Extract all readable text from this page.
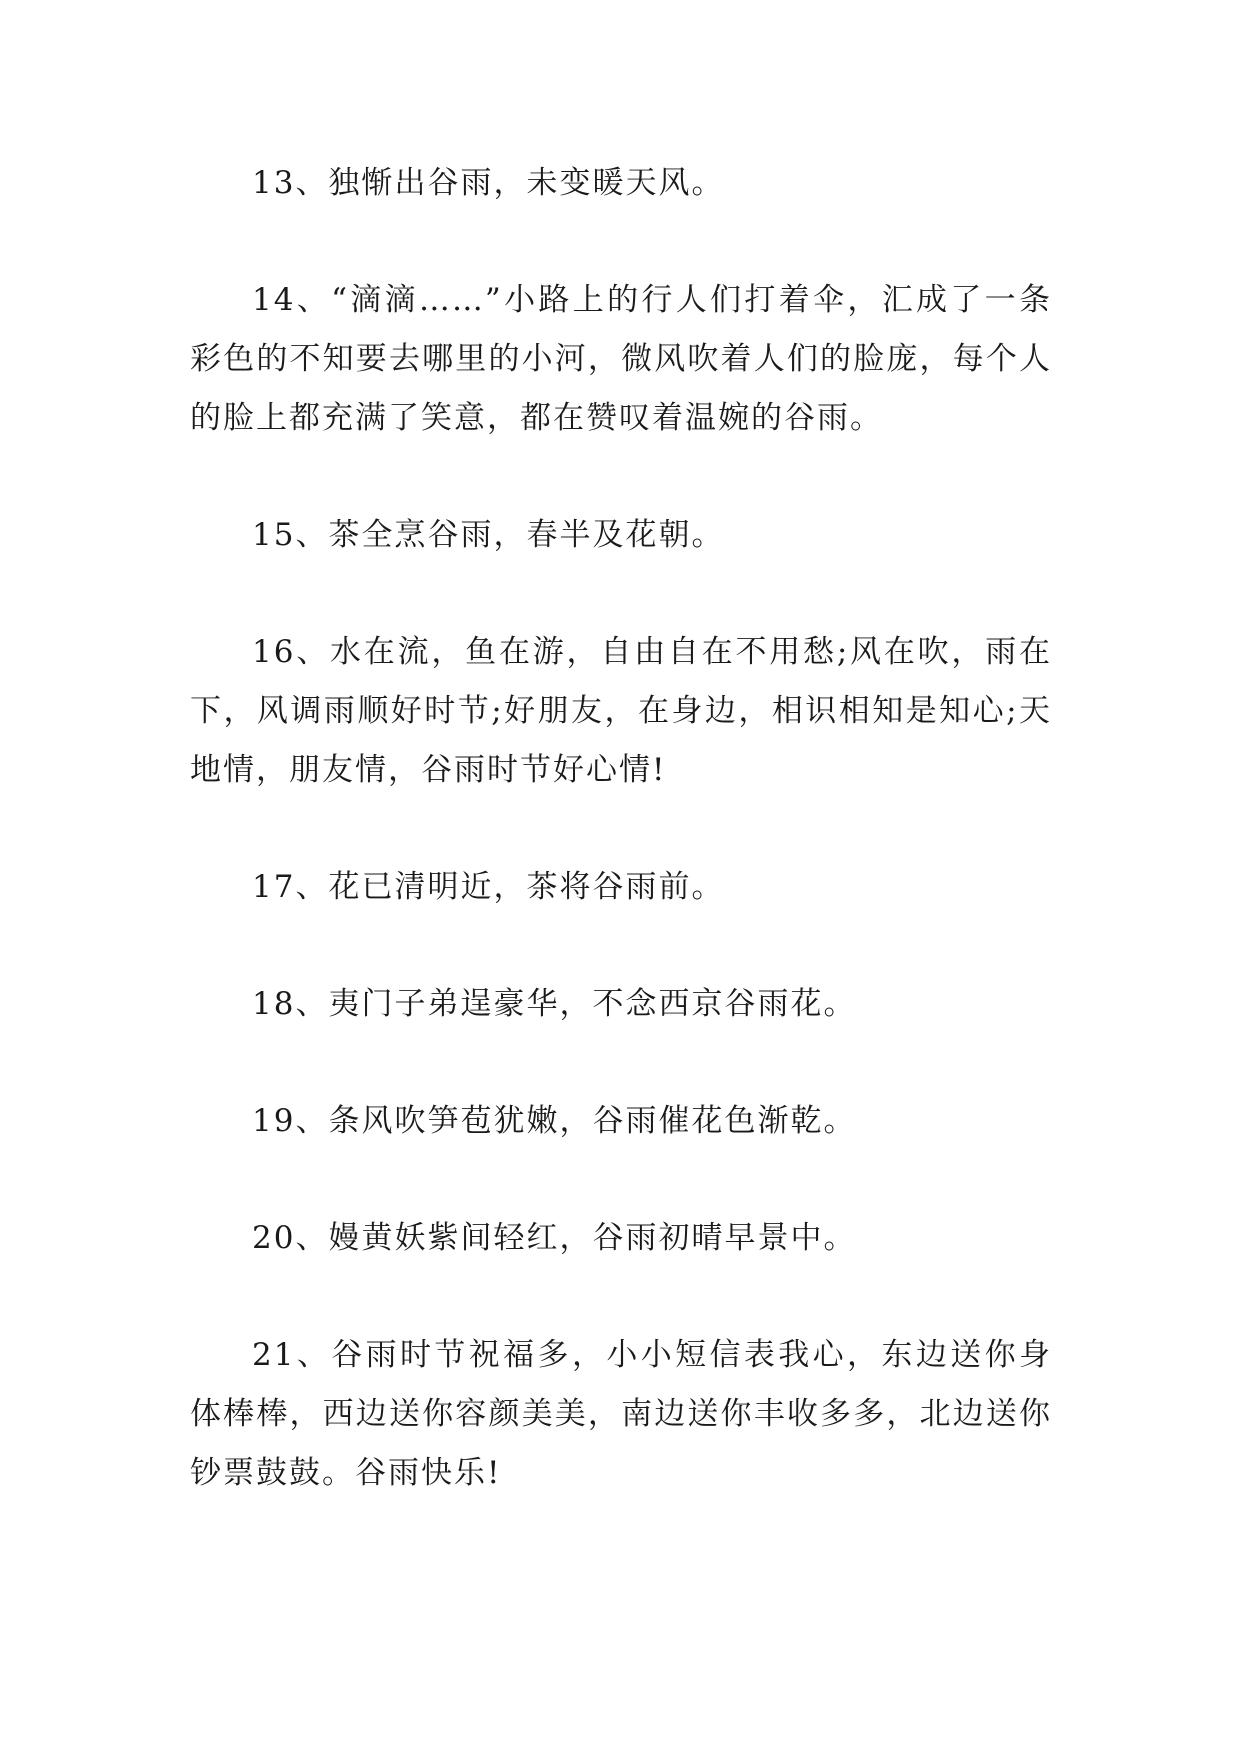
13、独惭出谷雨，未变暖天风。

14、“滴滴……”小路上的行人们打着伞，汇成了一条彩色的不知要去哪里的小河，微风吹着人们的脸庞，每个人的脸上都充满了笑意，都在赞叹着温婉的谷雨。

15、茶全烹谷雨，春半及花朝。

16、水在流，鱼在游，自由自在不用愁;风在吹，雨在下，风调雨顺好时节;好朋友，在身边，相识相知是知心;天地情，朋友情，谷雨时节好心情!

17、花已清明近，茶将谷雨前。

18、夷门子弟逞豪华，不念西京谷雨花。

19、条风吹笋苞犹嫩，谷雨催花色渐乾。

20、嫚黄妖紫间轻红，谷雨初晴早景中。

21、谷雨时节祝福多，小小短信表我心，东边送你身体棒棒，西边送你容颜美美，南边送你丰收多多，北边送你钞票鼓鼓。谷雨快乐!
